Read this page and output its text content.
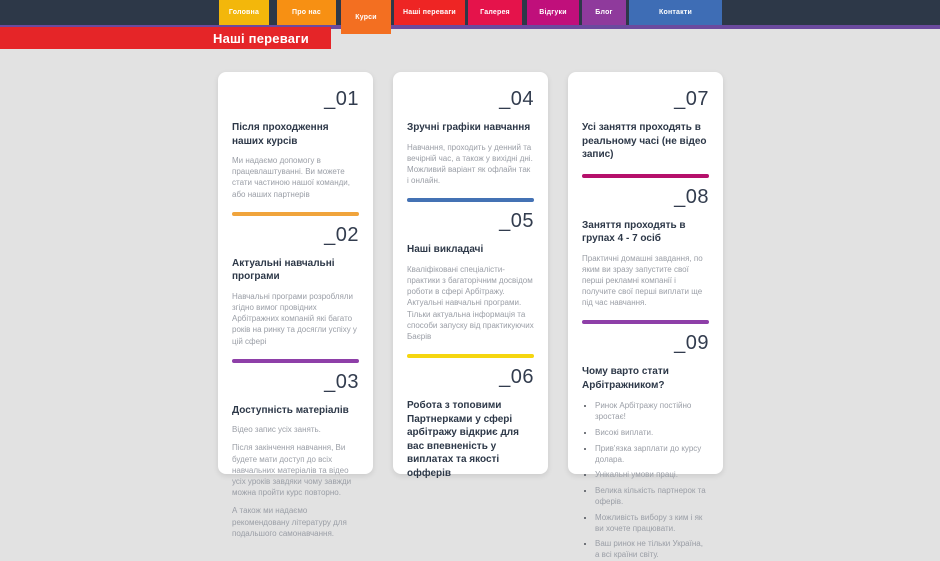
Головна	Про нас
Курси
Наші переваги	Галерея	Відгуки	Блог	Контакти
Наші переваги
_01
Після проходження наших курсів

Ми надаємо допомогу в працевлаштуванні. Ви можете стати частиною нашої команди, або наших партнерів

_02
Актуальні навчальні програми

Навчальні програми розробляли згідно вимог провідних Арбітражних компаній які багато років на ринку та досягли успіху у цій сфері

_03
Доступність матеріалів

Відео запис усіх занять.

Після закінчення навчання, Ви будете мати доступ до всіх навчальних матеріалів та відео усіх уроків завдяки чому завжди можна пройти курс повторно.

А також ми надаємо рекомендовану літературу для подальшого самонавчання.

_04
Зручні графіки навчання

Навчання, проходить у денний та вечірній час, а також у вихідні дні. Можливий варіант як офлайн так і онлайн.

_05
Наші викладачі

Кваліфіковані спеціалісти-практики з багаторічним досвідом роботи в сфері Арбітражу. Актуальні навчальні програми. Тільки актуальна інформація та способи запуску від практикуючих Баєрів

_06
Робота з топовими Партнерками у сфері арбітражу відкриє для вас впевненість у виплатах та якості офферів
_07
Усі заняття проходять в реальному часі (не відео запис)
_08
Заняття проходять в групах 4 - 7 осіб

Практичні домашні завдання, по яким ви зразу запустите свої перші рекламні компанії і получите свої перші виплати ще під час навчання.

_09
Чому варто стати Арбітражником?
• Ринок Арбітражу постійно зростає!
• Високі виплати.
• Прив'язка зарплати до курсу долара.
• Унікальні умови праці.
• Велика кількість партнерок та оферів.
• Можливість вибору з ким і як ви хочете працювати.
• Ваш ринок не тільки Україна, а всі країни світу.
